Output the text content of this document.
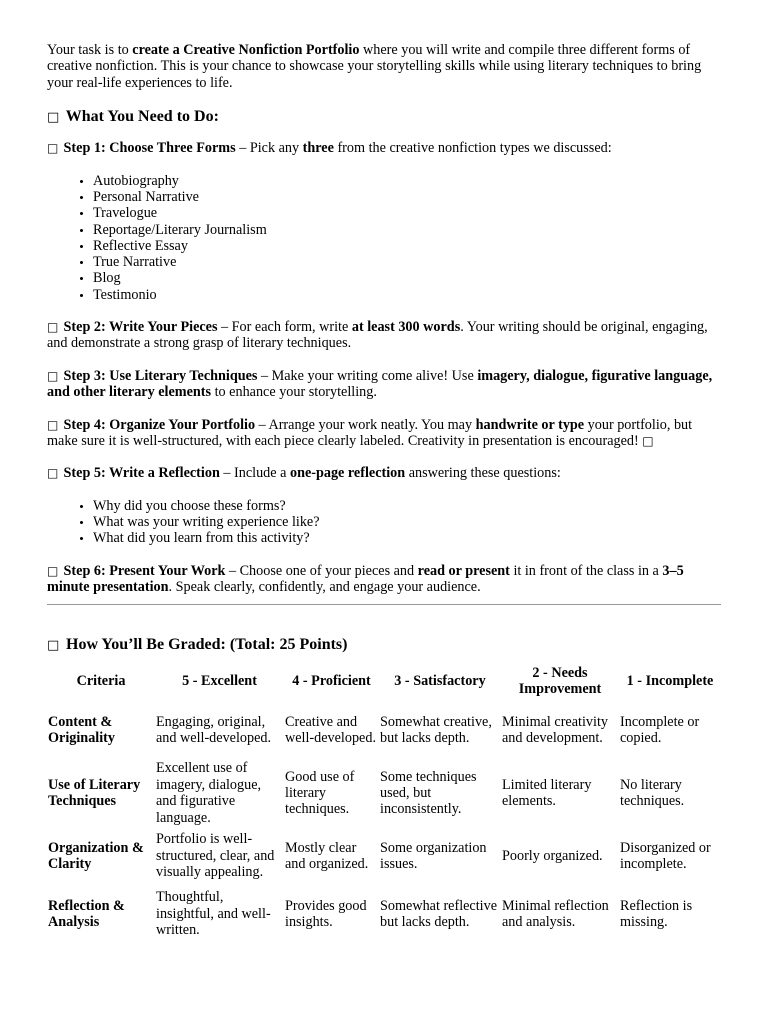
Your task is to create a Creative Nonfiction Portfolio where you will write and compile three different forms of creative nonfiction. This is your chance to showcase your storytelling skills while using literary techniques to bring your real-life experiences to life.

□ What You Need to Do:

□ Step 1: Choose Three Forms – Pick any three from the creative nonfiction types we discussed:

• Autobiography
• Personal Narrative
• Travelogue
• Reportage/Literary Journalism
• Reflective Essay
• True Narrative
• Blog
• Testimonio

□ Step 2: Write Your Pieces – For each form, write at least 300 words. Your writing should be original, engaging, and demonstrate a strong grasp of literary techniques.

□ Step 3: Use Literary Techniques – Make your writing come alive! Use imagery, dialogue, figurative language, and other literary elements to enhance your storytelling.

□ Step 4: Organize Your Portfolio – Arrange your work neatly. You may handwrite or type your portfolio, but make sure it is well-structured, with each piece clearly labeled. Creativity in presentation is encouraged! □

□ Step 5: Write a Reflection – Include a one-page reflection answering these questions:

• Why did you choose these forms?
• What was your writing experience like?
• What did you learn from this activity?

□ Step 6: Present Your Work – Choose one of your pieces and read or present it in front of the class in a 3–5 minute presentation. Speak clearly, confidently, and engage your audience.

□ How You’ll Be Graded: (Total: 25 Points)

Criteria	5 - Excellent	4 - Proficient	3 - Satisfactory	2 - Needs Improvement	1 - Incomplete
Content & Originality	Engaging, original, and well-developed.	Creative and well-developed.	Somewhat creative, but lacks depth.	Minimal creativity and development.	Incomplete or copied.
Use of Literary Techniques	Excellent use of imagery, dialogue, and figurative language.	Good use of literary techniques.	Some techniques used, but inconsistently.	Limited literary elements.	No literary techniques.
Organization & Clarity	Portfolio is well-structured, clear, and visually appealing.	Mostly clear and organized.	Some organization issues.	Poorly organized.	Disorganized or incomplete.
Reflection & Analysis	Thoughtful, insightful, and well-written.	Provides good insights.	Somewhat reflective but lacks depth.	Minimal reflection and analysis.	Reflection is missing.
